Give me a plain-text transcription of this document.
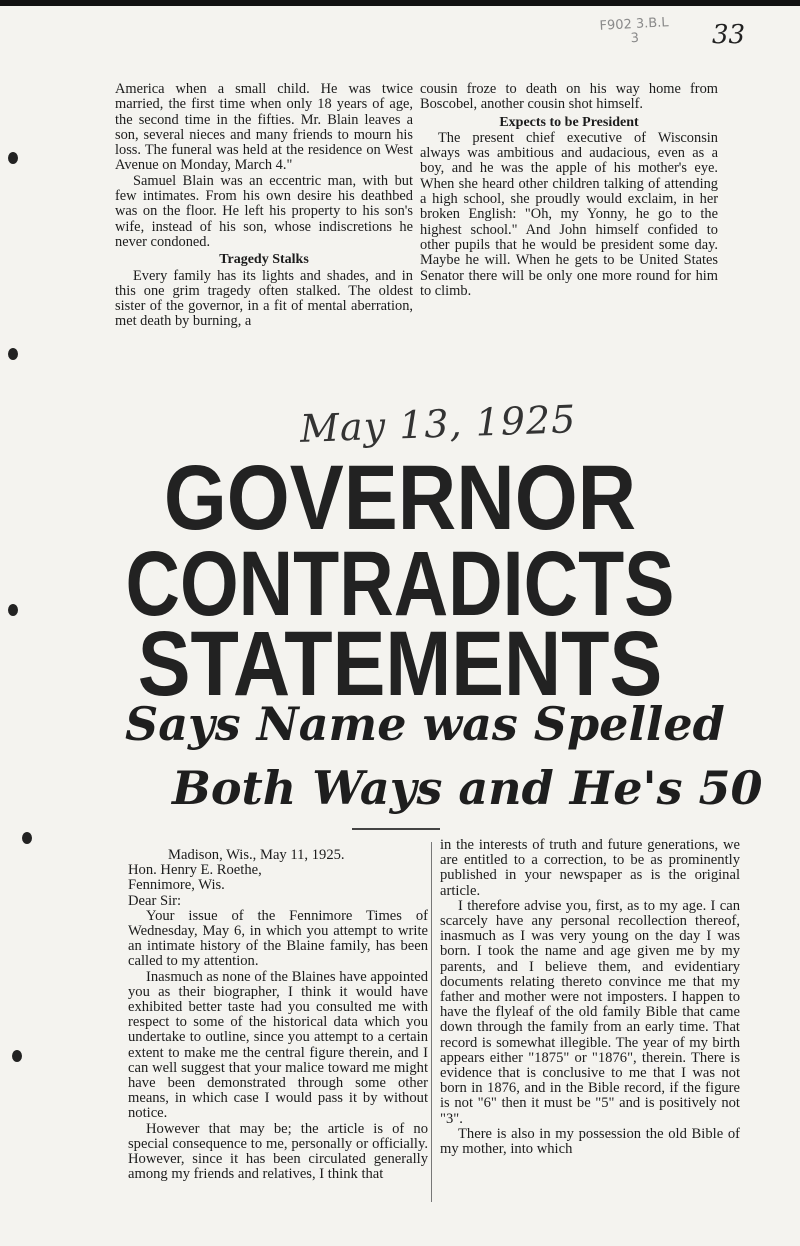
F902 3.B.L 3	33

America when a small child. He was twice married, the first time when only 18 years of age, the second time in the fifties. Mr. Blain leaves a son, several nieces and many friends to mourn his loss. The funeral was held at the residence on West Avenue on Monday, March 4."

Samuel Blain was an eccentric man, with but few intimates. From his own desire his deathbed was on the floor. He left his property to his son's wife, instead of his son, whose indiscretions he never condoned.

Tragedy Stalks

Every family has its lights and shades, and in this one grim tragedy often stalked. The oldest sister of the governor, in a fit of mental aberration, met death by burning, a

cousin froze to death on his way home from Boscobel, another cousin shot himself.

Expects to be President

The present chief executive of Wisconsin always was ambitious and audacious, even as a boy, and he was the apple of his mother's eye. When she heard other children talking of attending a high school, she proudly would exclaim, in her broken English: "Oh, my Yonny, he go to the highest school." And John himself confided to other pupils that he would be president some day. Maybe he will. When he gets to be United States Senator there will be only one more round for him to climb.

May 13, 1925
GOVERNOR
CONTRADICTS
STATEMENTS
Says Name was Spelled
Both Ways and He's 50
Madison, Wis., May 11, 1925.
Hon. Henry E. Roethe,
Fennimore, Wis.
Dear Sir:

Your issue of the Fennimore Times of Wednesday, May 6, in which you attempt to write an intimate history of the Blaine family, has been called to my attention.

Inasmuch as none of the Blaines have appointed you as their biographer, I think it would have exhibited better taste had you consulted me with respect to some of the historical data which you undertake to outline, since you attempt to a certain extent to make me the central figure therein, and I can well suggest that your malice toward me might have been demonstrated through some other means, in which case I would pass it by without notice.

However that may be; the article is of no special consequence to me, personally or officially. However, since it has been circulated generally among my friends and relatives, I think that

in the interests of truth and future generations, we are entitled to a correction, to be as prominently published in your newspaper as is the original article.

I therefore advise you, first, as to my age. I can scarcely have any personal recollection thereof, inasmuch as I was very young on the day I was born. I took the name and age given me by my parents, and I believe them, and evidentiary documents relating thereto convince me that my father and mother were not imposters. I happen to have the flyleaf of the old family Bible that came down through the family from an early time. That record is somewhat illegible. The year of my birth appears either "1875" or "1876", therein. There is evidence that is conclusive to me that I was not born in 1876, and in the Bible record, if the figure is not "6" then it must be "5" and is positively not "3".

There is also in my possession the old Bible of my mother, into which
